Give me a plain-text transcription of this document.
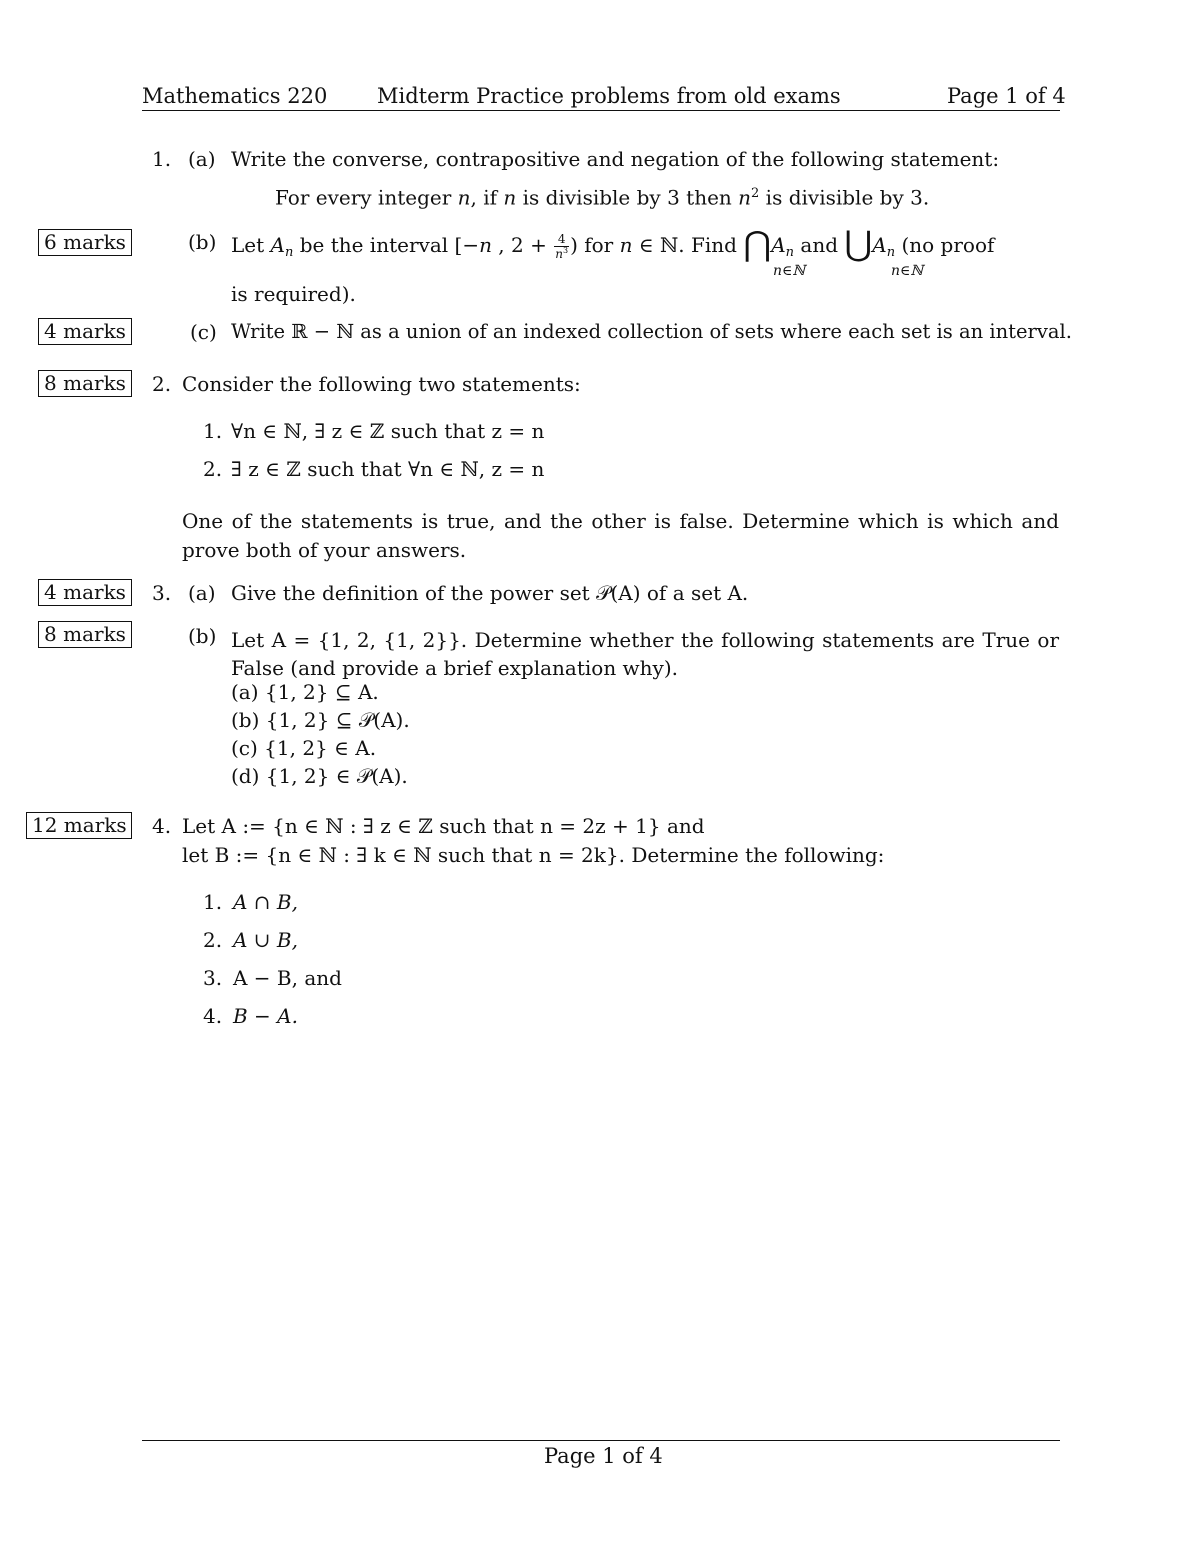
Mathematics 220 Midterm Practice problems from old exams	Page 1 of 4
1. (a) Write the converse, contrapositive and negation of the following statement:
For every integer n, if n is divisible by 3 then $n^2$ is divisible by 3.
6 marks	(b) Let $A_n$ be the interval [−n , $2 + \frac{4}{n^3}$ ) for n ∈ ℕ. Find $⋂A_n$ and $⋃A_n$ (no proof
n∈ℕ	n∈ℕ
is required).
4 marks	(c) Write ℝ − ℕ as a union of an indexed collection of sets where each set is an interval.
8 marks	2. Consider the following two statements:
1. ∀n ∈ ℕ, ∃ z ∈ ℤ such that z = n
2. ∃ z ∈ ℤ such that ∀n ∈ ℕ, z = n
One of the statements is true, and the other is false. Determine which is which and prove both of your answers.
4 marks	3. (a) Give the definition of the power set 𝒫(A) of a set A.
8 marks	(b) Let A = {1, 2, {1, 2}}. Determine whether the following statements are True or False (and provide a brief explanation why).
(a) {1, 2} ⊆ A.
(b) {1, 2} ⊆ 𝒫(A).
(c) {1, 2} ∈ A.
(d) {1, 2} ∈ 𝒫(A).
12 marks 4. Let A := {n ∈ ℕ : ∃ z ∈ ℤ such that n = 2z + 1} and
let B := {n ∈ ℕ : ∃ k ∈ ℕ such that n = 2k}. Determine the following:
1. A ∩ B,
2. A ∪ B,
3. A − B, and
4. B − A.
Page 1 of 4
